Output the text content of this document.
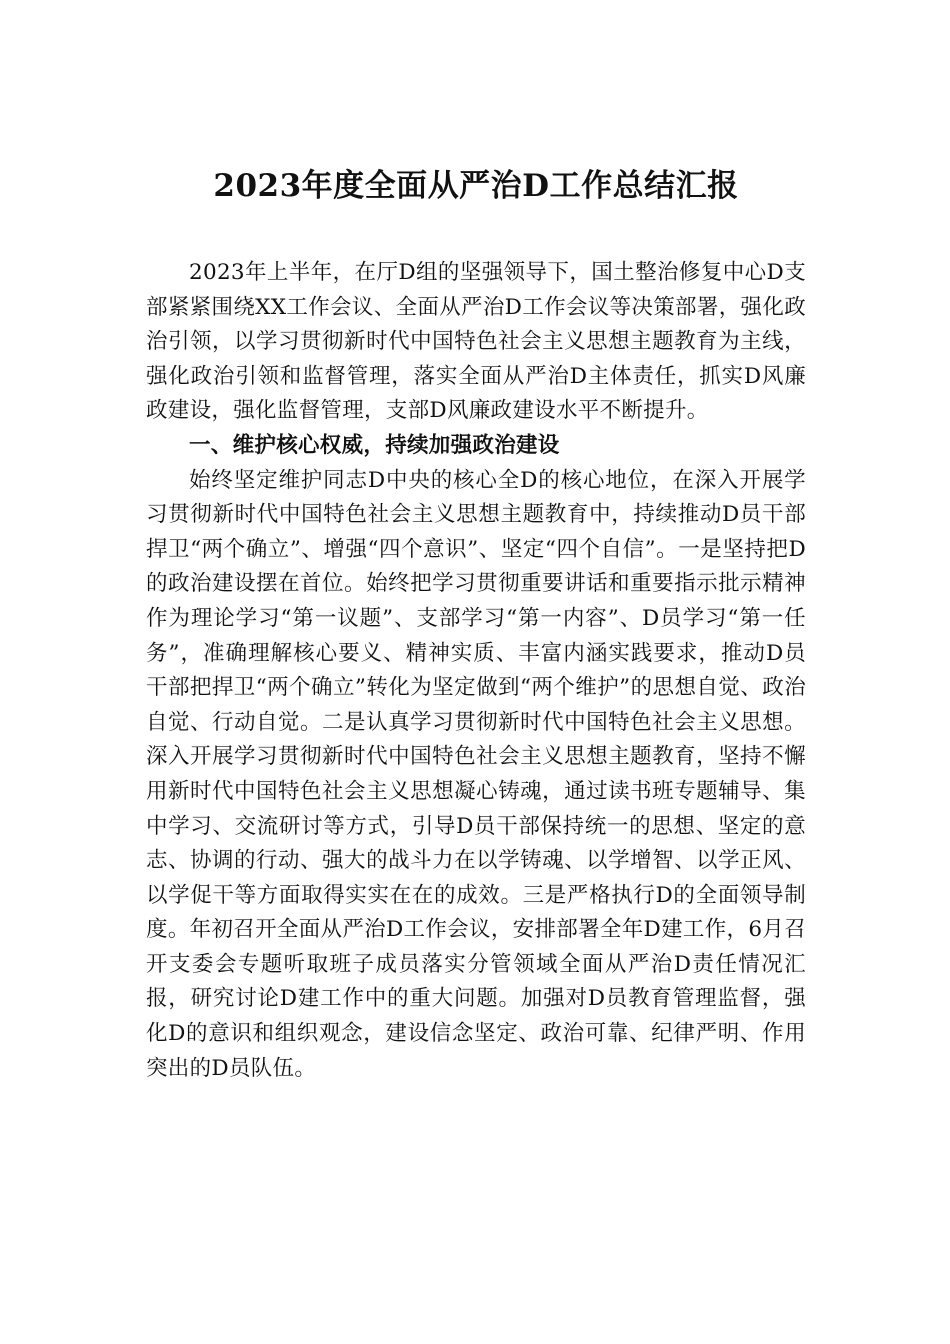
2023年度全面从严治D工作总结汇报

2023年上半年，在厅D组的坚强领导下，国土整治修复中心D支部紧紧围绕XX工作会议、全面从严治D工作会议等决策部署，强化政治引领，以学习贯彻新时代中国特色社会主义思想主题教育为主线，强化政治引领和监督管理，落实全面从严治D主体责任，抓实D风廉政建设，强化监督管理，支部D风廉政建设水平不断提升。

一、维护核心权威，持续加强政治建设

始终坚定维护同志D中央的核心全D的核心地位，在深入开展学习贯彻新时代中国特色社会主义思想主题教育中，持续推动D员干部捍卫“两个确立”、增强“四个意识”、坚定“四个自信”。一是坚持把D的政治建设摆在首位。始终把学习贯彻重要讲话和重要指示批示精神作为理论学习“第一议题”、支部学习“第一内容”、D员学习“第一任务”，准确理解核心要义、精神实质、丰富内涵实践要求，推动D员干部把捍卫“两个确立”转化为坚定做到“两个维护”的思想自觉、政治自觉、行动自觉。二是认真学习贯彻新时代中国特色社会主义思想。深入开展学习贯彻新时代中国特色社会主义思想主题教育，坚持不懈用新时代中国特色社会主义思想凝心铸魂，通过读书班专题辅导、集中学习、交流研讨等方式，引导D员干部保持统一的思想、坚定的意志、协调的行动、强大的战斗力在以学铸魂、以学增智、以学正风、以学促干等方面取得实实在在的成效。三是严格执行D的全面领导制度。年初召开全面从严治D工作会议，安排部署全年D建工作，6月召开支委会专题听取班子成员落实分管领域全面从严治D责任情况汇报，研究讨论D建工作中的重大问题。加强对D员教育管理监督，强化D的意识和组织观念，建设信念坚定、政治可靠、纪律严明、作用突出的D员队伍。
